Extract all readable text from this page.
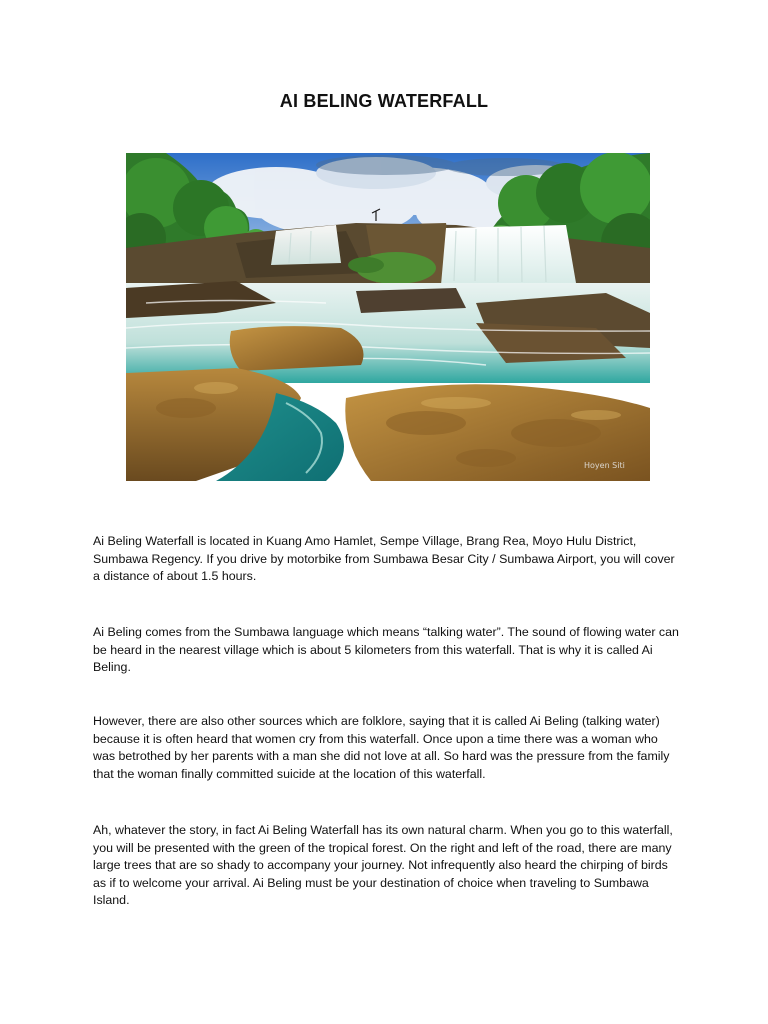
AI BELING WATERFALL
Hoyen Siti

Ai Beling Waterfall is located in Kuang Amo Hamlet, Sempe Village, Brang Rea, Moyo Hulu District, Sumbawa Regency. If you drive by motorbike from Sumbawa Besar City / Sumbawa Airport, you will cover a distance of about 1.5 hours.

Ai Beling comes from the Sumbawa language which means “talking water”. The sound of flowing water can be heard in the nearest village which is about 5 kilometers from this waterfall. That is why it is called Ai Beling.

However, there are also other sources which are folklore, saying that it is called Ai Beling (talking water) because it is often heard that women cry from this waterfall. Once upon a time there was a woman who was betrothed by her parents with a man she did not love at all. So hard was the pressure from the family that the woman finally committed suicide at the location of this waterfall.

Ah, whatever the story, in fact Ai Beling Waterfall has its own natural charm. When you go to this waterfall, you will be presented with the green of the tropical forest. On the right and left of the road, there are many large trees that are so shady to accompany your journey. Not infrequently also heard the chirping of birds as if to welcome your arrival. Ai Beling must be your destination of choice when traveling to Sumbawa Island.
